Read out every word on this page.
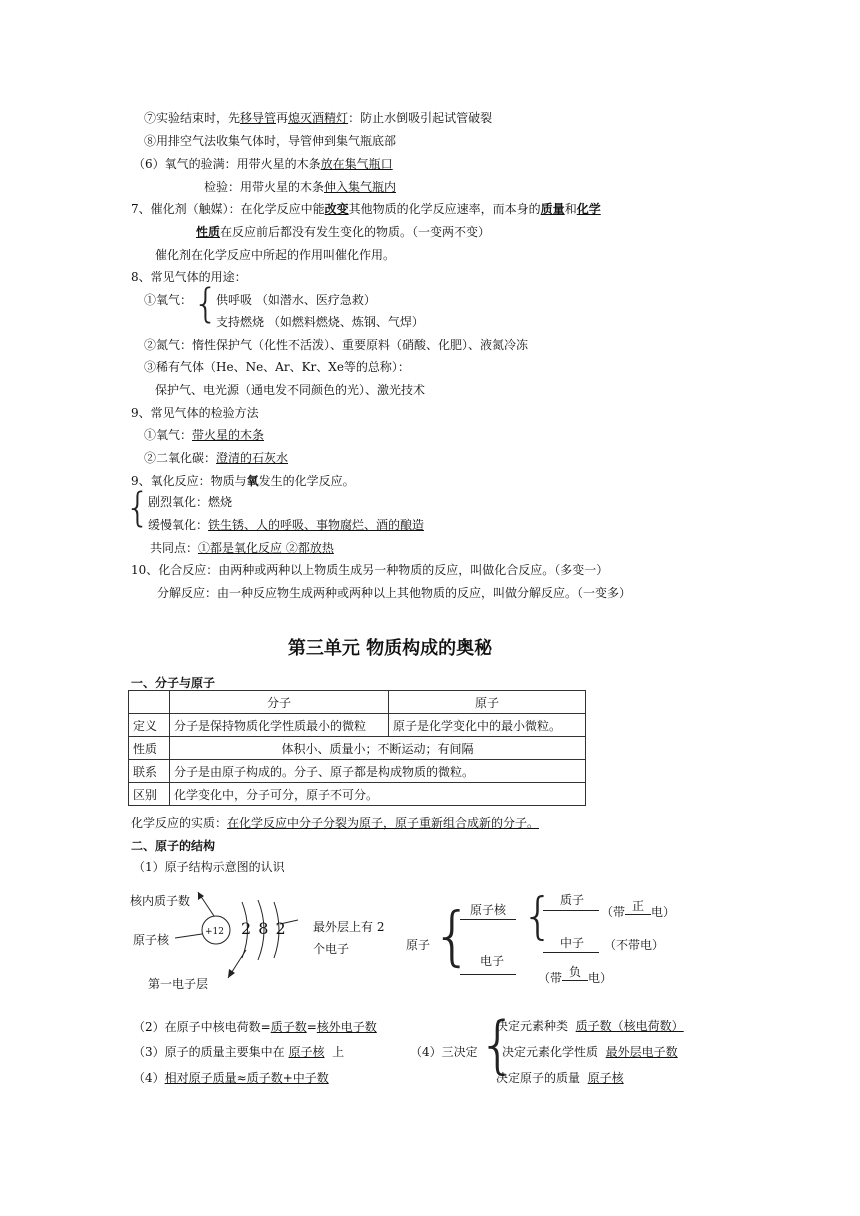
⑦实验结束时，先移导管再熄灭酒精灯：防止水倒吸引起试管破裂
⑧用排空气法收集气体时，导管伸到集气瓶底部
（6）氧气的验满：用带火星的木条放在集气瓶口
检验：用带火星的木条伸入集气瓶内
7、催化剂（触媒）：在化学反应中能改变其他物质的化学反应速率，而本身的质量和化学
性质在反应前后都没有发生变化的物质。（一变两不变）
催化剂在化学反应中所起的作用叫催化作用。
8、常见气体的用途：
①氧气： {
供呼吸 （如潜水、医疗急救）
支持燃烧 （如燃料燃烧、炼钢、气焊）
②氮气：惰性保护气（化性不活泼）、重要原料（硝酸、化肥）、液氮冷冻
③稀有气体（He、Ne、Ar、Kr、Xe等的总称）：
保护气、电光源（通电发不同颜色的光）、激光技术
9、常见气体的检验方法
①氧气：带火星的木条
②二氧化碳：澄清的石灰水
9、氧化反应：物质与氧发生的化学反应。
{
剧烈氧化：燃烧
缓慢氧化：铁生锈、人的呼吸、事物腐烂、酒的酿造
共同点：①都是氧化反应 ②都放热
10、化合反应：由两种或两种以上物质生成另一种物质的反应，叫做化合反应。（多变一）
分解反应：由一种反应物生成两种或两种以上其他物质的反应，叫做分解反应。（一变多）
第三单元 物质构成的奥秘
一、分子与原子
	分子	原子
定义	分子是保持物质化学性质最小的微粒	原子是化学变化中的最小微粒。
性质	体积小、质量小；不断运动；有间隔	
联系	分子是由原子构成的。分子、原子都是构成物质的微粒。	
区别	化学变化中，分子可分，原子不可分。	
化学反应的实质：在化学反应中分子分裂为原子，原子重新组合成新的分子。
二、原子的结构
（1）原子结构示意图的认识
核内质子数
原子核
+12 2 8 2 最外层上有 2
个电子
第一电子层
原子 {
原子核 { 质子
（带 正 电）
中子 （不带电）
电子
（带 负 电）
（2）在原子中核电荷数=质子数=核外电子数
（3）原子的质量主要集中在 原子核 上
（4）相对原子质量≈质子数+中子数
（4）三决定 {
决定元素种类 质子数（核电荷数）
决定元素化学性质 最外层电子数
决定原子的质量 原子核
